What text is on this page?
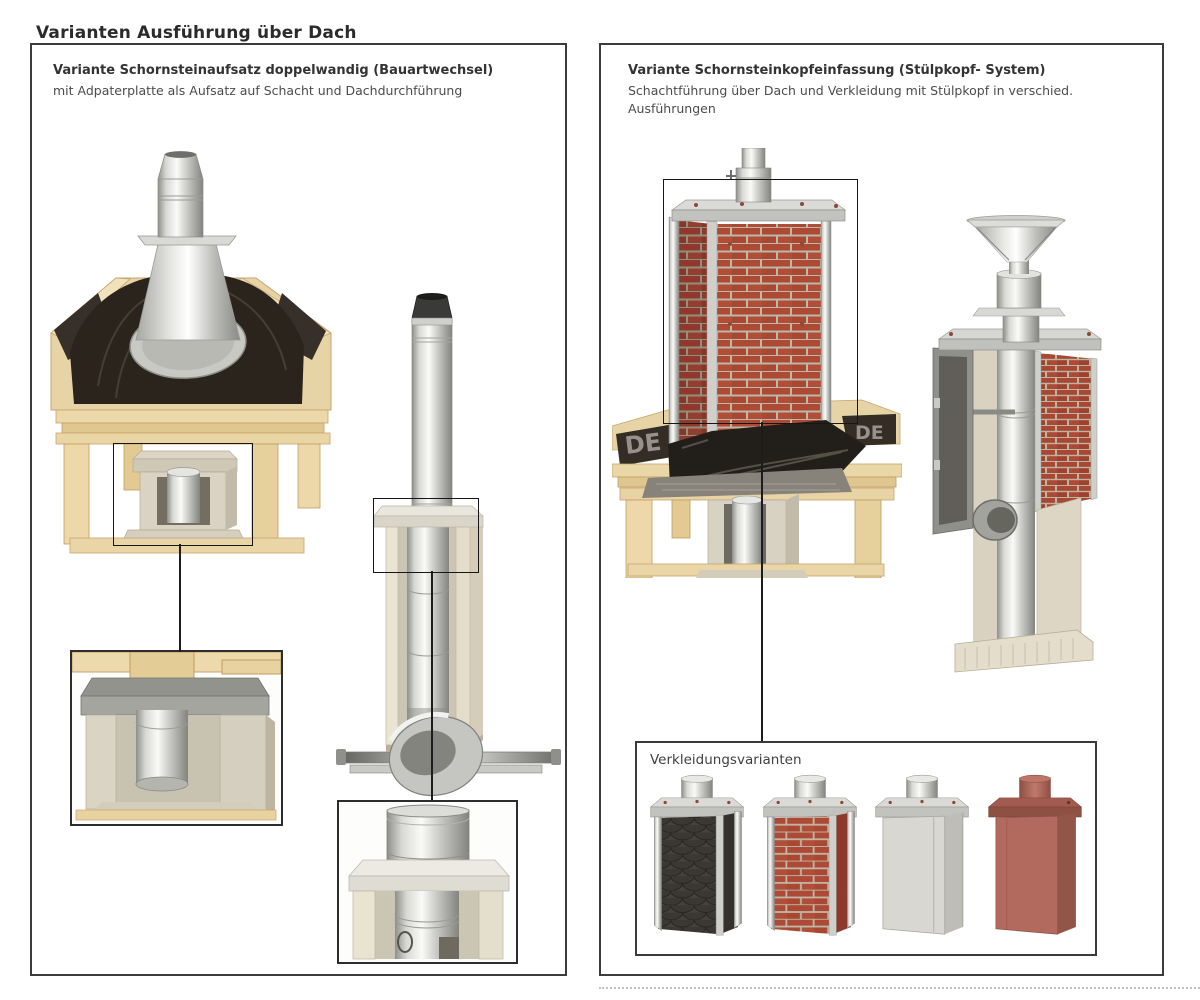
Varianten Ausführung über Dach
Variante Schornsteinaufsatz doppelwandig (Bauartwechsel)
mit Adpaterplatte als Aufsatz auf Schacht und Dachdurchführung
Variante Schornsteinkopfeinfassung (Stülpkopf- System)
Schachtführung über Dach und Verkleidung mit Stülpkopf in verschied. Ausführungen
DE	DE
Verkleidungsvarianten
